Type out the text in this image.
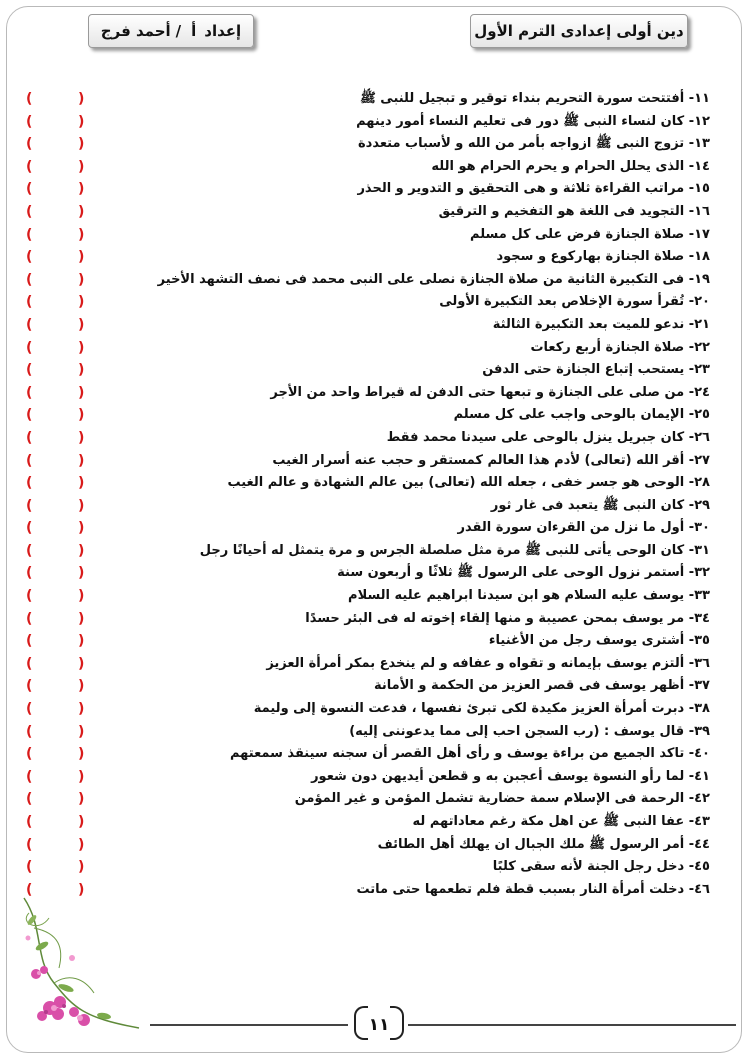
دين أولى إعدادى الترم الأول
إعداد
أ
/
أحمد فرج
(	)	١١- أفتتحت سورة التحريم بنداء توقير و تبجيل للنبى ﷺ
(	)	١٢- كان لنساء النبى ﷺ دور فى تعليم النساء أمور دينهم
(	)	١٣- تزوج النبى ﷺ ازواجه بأمر من الله و لأسباب متعددة
(	)	١٤- الذى يحلل الحرام و يحرم الحرام هو الله
(	)	١٥- مراتب القراءة ثلاثة و هى التحقيق و التدوير و الحذر
(	)	١٦- التجويد فى اللغة هو التفخيم و الترقيق
(	)	١٧- صلاة الجنازة فرض على كل مسلم
(	)	١٨- صلاة الجنازة بهاركوع و سجود
(	)	١٩- فى التكبيرة الثانية من صلاة الجنازة نصلى على النبى محمد فى نصف التشهد الأخير
(	)	٢٠- تُقرأ سورة الإخلاص بعد التكبيرة الأولى
(	)	٢١- ندعو للميت بعد التكبيرة الثالثة
(	)	٢٢- صلاة الجنازة أربع ركعات
(	)	٢٣- يستحب إتباع الجنازة حتى الدفن
(	)	٢٤- من صلى على الجنازة و تبعها حتى الدفن له قيراط واحد من الأجر
(	)	٢٥- الإيمان بالوحى واجب على كل مسلم
(	)	٢٦- كان جبريل ينزل بالوحى على سيدنا محمد فقط
(	)	٢٧- أقر الله (تعالى) لأدم هذا العالم كمستقر و حجب عنه أسرار الغيب
(	)	٢٨- الوحى هو جسر خفى ، جعله الله (تعالى) بين عالم الشهادة و عالم الغيب
(	)	٢٩- كان النبى ﷺ يتعبد فى غار ثور
(	)	٣٠- أول ما نزل من القرءان سورة القدر
(	)	٣١- كان الوحى يأتى للنبى ﷺ مرة مثل صلصلة الجرس و مرة يتمثل له أحيانًا رجل
(	)	٣٢- أستمر نزول الوحى على الرسول ﷺ ثلاثًا و أربعون سنة
(	)	٣٣- يوسف عليه السلام هو ابن سيدنا ابراهيم عليه السلام
(	)	٣٤- مر يوسف بمحن عصيبة و منها إلقاء إخوته له فى البئر حسدًا
(	)	٣٥- أشترى يوسف رجل من الأغنياء
(	)	٣٦- ألتزم يوسف بإيمانه و تقواه و عفافه و لم ينخدع بمكر أمرأة العزيز
(	)	٣٧- أظهر يوسف فى قصر العزيز من الحكمة و الأمانة
(	)	٣٨- دبرت أمرأة العزيز مكيدة لكى تبرئ نفسها ، فدعت النسوة إلى وليمة
(	)	٣٩- قال يوسف : (رب السجن احب إلى مما يدعوننى إليه)
(	)	٤٠- تاكد الجميع من براءة يوسف و رأى أهل القصر أن سجنه سينقذ سمعتهم
(	)	٤١- لما رأو النسوة يوسف أعجبن به و قطعن أيديهن دون شعور
(	)	٤٢- الرحمة فى الإسلام سمة حضارية تشمل المؤمن و غير المؤمن
(	)	٤٣- عفا النبى ﷺ عن اهل مكة رغم معاداتهم له
(	)	٤٤- أمر الرسول ﷺ ملك الجبال ان يهلك أهل الطائف
(	)	٤٥- دخل رجل الجنة لأنه سقى كلبًا
(	)	٤٦- دخلت أمرأة النار بسبب قطة فلم تطعمها حتى ماتت
١١
